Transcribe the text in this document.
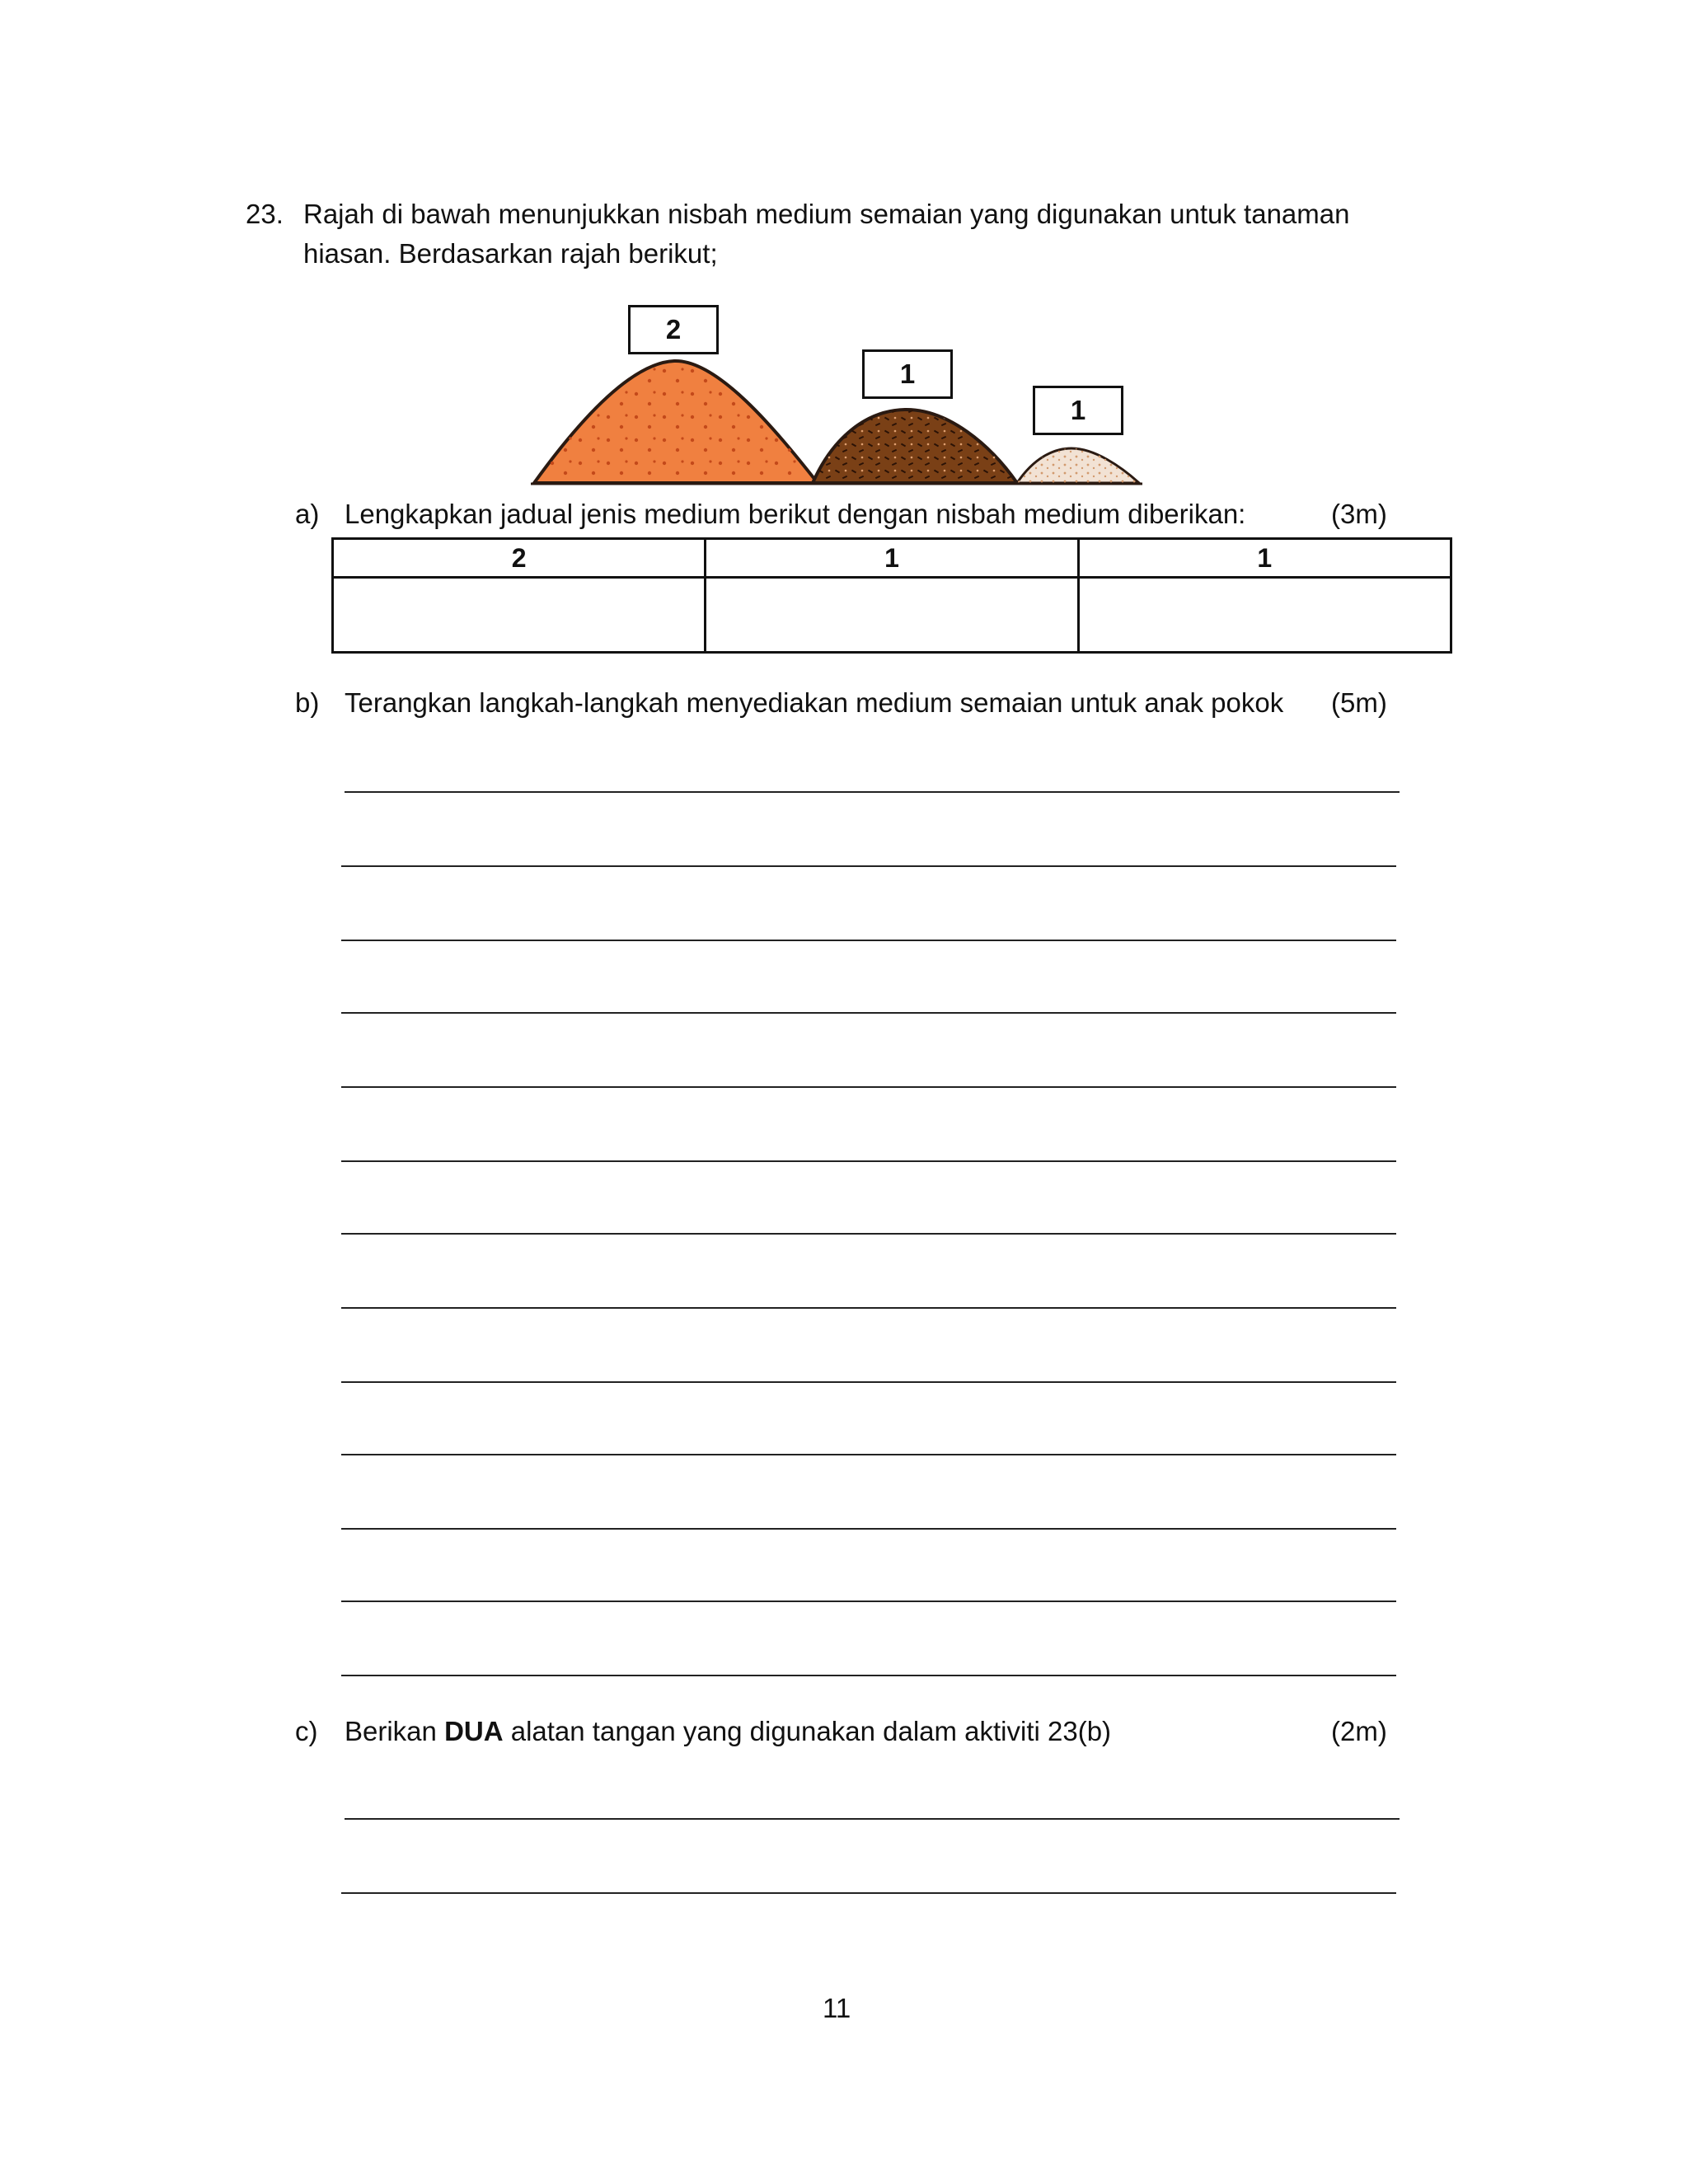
23. Rajah di bawah menunjukkan nisbah medium semaian yang digunakan untuk tanaman
hiasan. Berdasarkan rajah berikut;
2
1
1
a) Lengkapkan jadual jenis medium berikut dengan nisbah medium diberikan:	(3m)
2	1	1

b) Terangkan langkah-langkah menyediakan medium semaian untuk anak pokok (5m)
c) Berikan DUA alatan tangan yang digunakan dalam aktiviti 23(b)	(2m)
11
